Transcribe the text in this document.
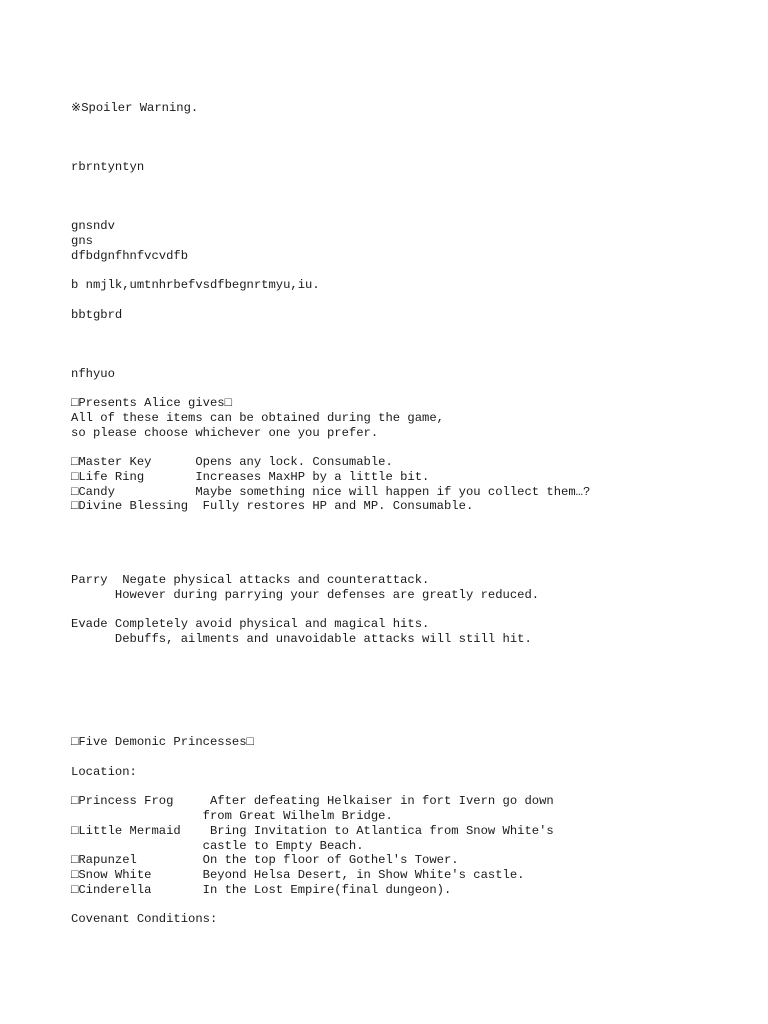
※Spoiler Warning.

rbrntyntyn

gnsndv
gns
dfbdgnfhnfvcvdfb

b nmjlk,umtnhrbefvsdfbegnrtmyu,iu.

bbtgbrd

nfhyuo

□Presents Alice gives□
All of these items can be obtained during the game,
so please choose whichever one you prefer.

□Master Key      Opens any lock. Consumable.
□Life Ring       Increases MaxHP by a little bit.
□Candy           Maybe something nice will happen if you collect them…?
□Divine Blessing  Fully restores HP and MP. Consumable.

Parry  Negate physical attacks and counterattack.
However during parrying your defenses are greatly reduced.

Evade Completely avoid physical and magical hits.
Debuffs, ailments and unavoidable attacks will still hit.

□Five Demonic Princesses□

Location:

□Princess Frog     After defeating Helkaiser in fort Ivern go down
from Great Wilhelm Bridge.
□Little Mermaid    Bring Invitation to Atlantica from Snow White's
castle to Empty Beach.
□Rapunzel         On the top floor of Gothel's Tower.
□Snow White       Beyond Helsa Desert, in Show White's castle.
□Cinderella       In the Lost Empire(final dungeon).

Covenant Conditions:
